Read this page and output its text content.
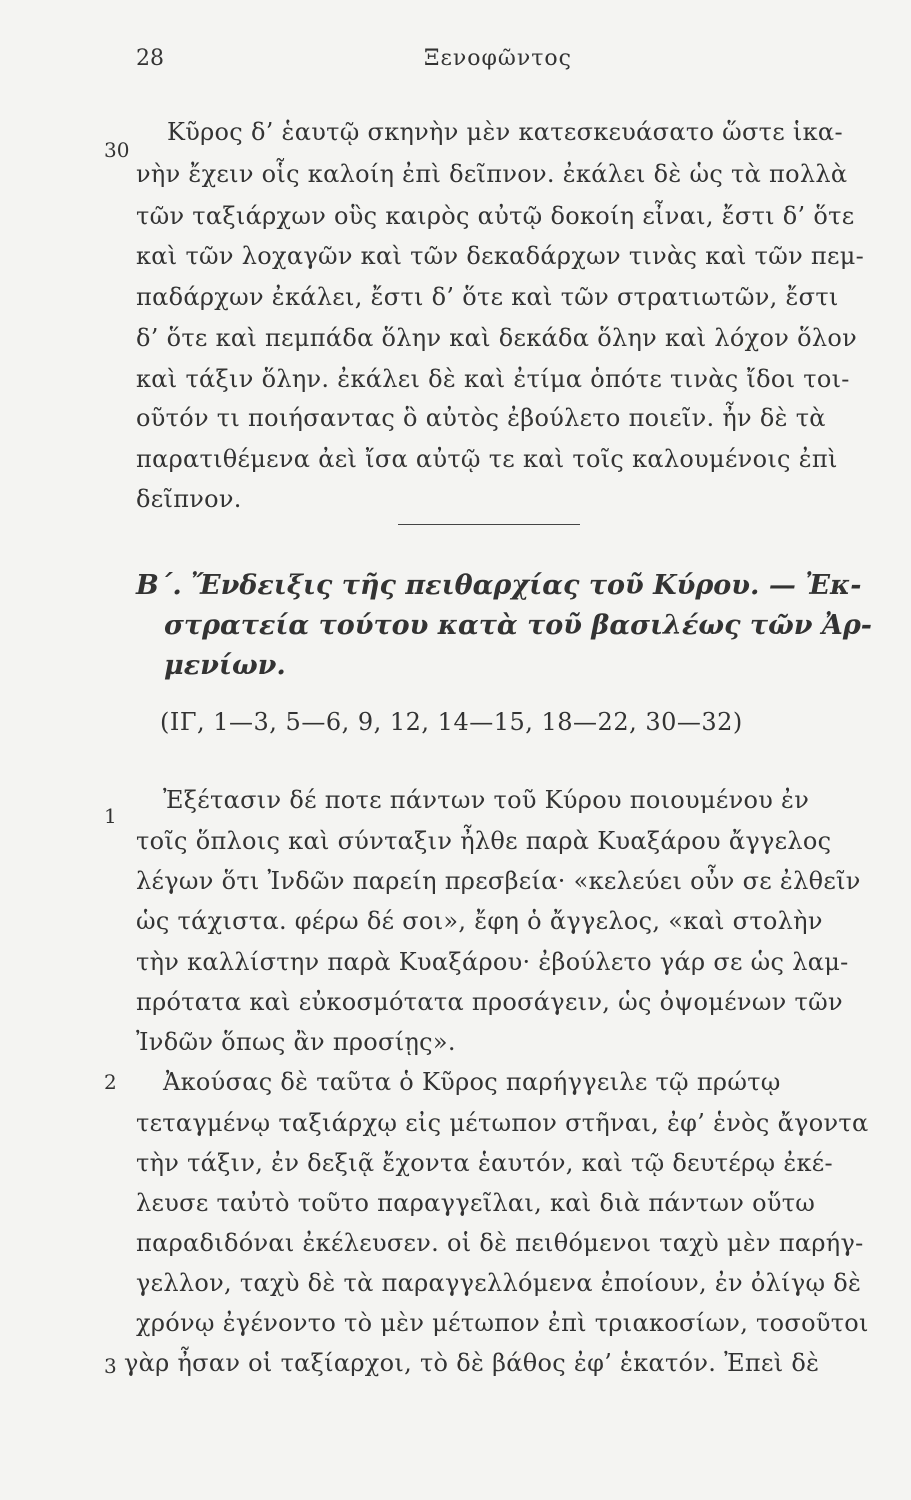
28	Ξενοφῶντος
30
Κῦρος δ’ ἑαυτῷ σκηνὴν μὲν κατεσκευάσατο ὥστε ἱκα-
νὴν ἔχειν οἷς καλοίη ἐπὶ δεῖπνον. ἐκάλει δὲ ὡς τὰ πολλὰ
τῶν ταξιάρχων οὓς καιρὸς αὐτῷ δοκοίη εἶναι, ἔστι δ’ ὅτε
καὶ τῶν λοχαγῶν καὶ τῶν δεκαδάρχων τινὰς καὶ τῶν πεμ-
παδάρχων ἐκάλει, ἔστι δ’ ὅτε καὶ τῶν στρατιωτῶν, ἔστι
δ’ ὅτε καὶ πεμπάδα ὅλην καὶ δεκάδα ὅλην καὶ λόχον ὅλον
καὶ τάξιν ὅλην. ἐκάλει δὲ καὶ ἐτίμα ὁπότε τινὰς ἴδοι τοι-
οῦτόν τι ποιήσαντας ὃ αὐτὸς ἐβούλετο ποιεῖν. ἦν δὲ τὰ
παρατιθέμενα ἀεὶ ἴσα αὐτῷ τε καὶ τοῖς καλουμένοις ἐπὶ
δεῖπνον.
Β΄. Ἔνδειξις τῆς πειθαρχίας τοῦ Κύρου. — Ἐκ-
στρατεία τούτου κατὰ τοῦ βασιλέως τῶν Ἀρ-
μενίων.
(ΙΓ, 1—3, 5—6, 9, 12, 14—15, 18—22, 30—32)
1
Ἐξέτασιν δέ ποτε πάντων τοῦ Κύρου ποιουμένου ἐν
τοῖς ὅπλοις καὶ σύνταξιν ἦλθε παρὰ Κυαξάρου ἄγγελος
λέγων ὅτι Ἰνδῶν παρείη πρεσβεία· «κελεύει οὖν σε ἐλθεῖν
ὡς τάχιστα. φέρω δέ σοι», ἔφη ὁ ἄγγελος, «καὶ στολὴν
τὴν καλλίστην παρὰ Κυαξάρου· ἐβούλετο γάρ σε ὡς λαμ-
πρότατα καὶ εὐκοσμότατα προσάγειν, ὡς ὀψομένων τῶν
Ἰνδῶν ὅπως ἂν προσίῃς».
2 Ἀκούσας δὲ ταῦτα ὁ Κῦρος παρήγγειλε τῷ πρώτῳ
τεταγμένῳ ταξιάρχῳ εἰς μέτωπον στῆναι, ἐφ’ ἑνὸς ἄγοντα
τὴν τάξιν, ἐν δεξιᾷ ἔχοντα ἑαυτόν, καὶ τῷ δευτέρῳ ἐκέ-
λευσε ταὐτὸ τοῦτο παραγγεῖλαι, καὶ διὰ πάντων οὕτω
παραδιδόναι ἐκέλευσεν. οἱ δὲ πειθόμενοι ταχὺ μὲν παρήγ-
γελλον, ταχὺ δὲ τὰ παραγγελλόμενα ἐποίουν, ἐν ὀλίγῳ δὲ
χρόνῳ ἐγένοντο τὸ μὲν μέτωπον ἐπὶ τριακοσίων, τοσοῦτοι
3 γὰρ ἦσαν οἱ ταξίαρχοι, τὸ δὲ βάθος ἐφ’ ἑκατόν. Ἐπεὶ δὲ
